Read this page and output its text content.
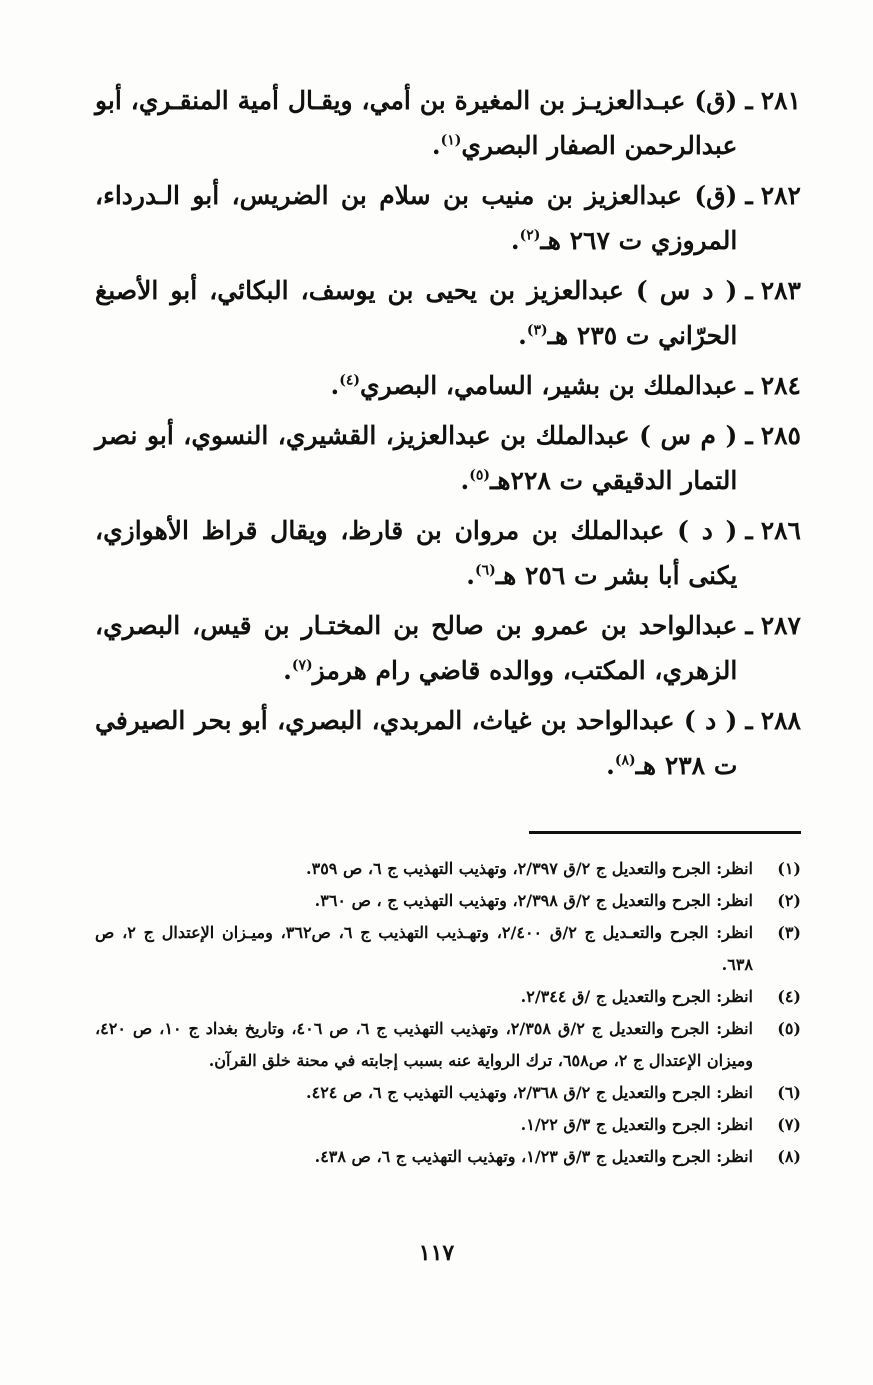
٢٨١
ـ
(ق) عبـدالعزيـز بن المغيرة بن أمي، ويقـال أمية المنقـري، أبو عبدالرحمن الصفار البصري$^{(١)}$.
٢٨٢
ـ
(ق) عبدالعزيز بن منيب بن سلام بن الضريس، أبو الـدرداء، المروزي ت ٢٦٧ هـ$^{(٢)}$.
٢٨٣
ـ
( د س ) عبدالعزيز بن يحيى بن يوسف، البكائي، أبو الأصبغ الحرّاني ت ٢٣٥ هـ$^{(٣)}$.
٢٨٤
ـ
عبدالملك بن بشير، السامي، البصري$^{(٤)}$.
٢٨٥
ـ
( م س ) عبدالملك بن عبدالعزيز، القشيري، النسوي، أبو نصر التمار الدقيقي ت ٢٢٨هـ$^{(٥)}$.
٢٨٦
ـ
( د ) عبدالملك بن مروان بن قارظ، ويقال قراظ الأهوازي، يكنى أبا بشر ت ٢٥٦ هـ$^{(٦)}$.
٢٨٧
ـ
عبدالواحد بن عمرو بن صالح بن المختـار بن قيس، البصري، الزهري، المكتب، ووالده قاضي رام هرمز$^{(٧)}$.
٢٨٨
ـ
( د ) عبدالواحد بن غياث، المربدي، البصري، أبو بحر الصيرفي ت ٢٣٨ هـ$^{(٨)}$.
(١)
انظر: الجرح والتعديل ج ٢/ق ٢/٣٩٧، وتهذيب التهذيب ج ٦، ص ٣٥٩.
(٢)
انظر: الجرح والتعديل ج ٢/ق ٢/٣٩٨، وتهذيب التهذيب ج ، ص ٣٦٠.
(٣)
انظر: الجرح والتعـديل ج ٢/ق ٢/٤٠٠، وتهـذيب التهذيب ج ٦، ص٣٦٢، وميـزان الإعتدال ج ٢، ص ٦٣٨.
(٤)
انظر: الجرح والتعديل ج /ق ٢/٣٤٤.
(٥)
انظر: الجرح والتعديل ج ٢/ق ٢/٣٥٨، وتهذيب التهذيب ج ٦، ص ٤٠٦، وتاريخ بغداد ج ١٠، ص ٤٢٠، وميزان الإعتدال ج ٢، ص٦٥٨، ترك الرواية عنه بسبب إجابته في محنة خلق القرآن.
(٦)
انظر: الجرح والتعديل ج ٢/ق ٢/٣٦٨، وتهذيب التهذيب ج ٦، ص ٤٢٤.
(٧)
انظر: الجرح والتعديل ج ٣/ق ١/٢٢.
(٨)
انظر: الجرح والتعديل ج ٣/ق ١/٢٣، وتهذيب التهذيب ج ٦، ص ٤٣٨.
١١٧
